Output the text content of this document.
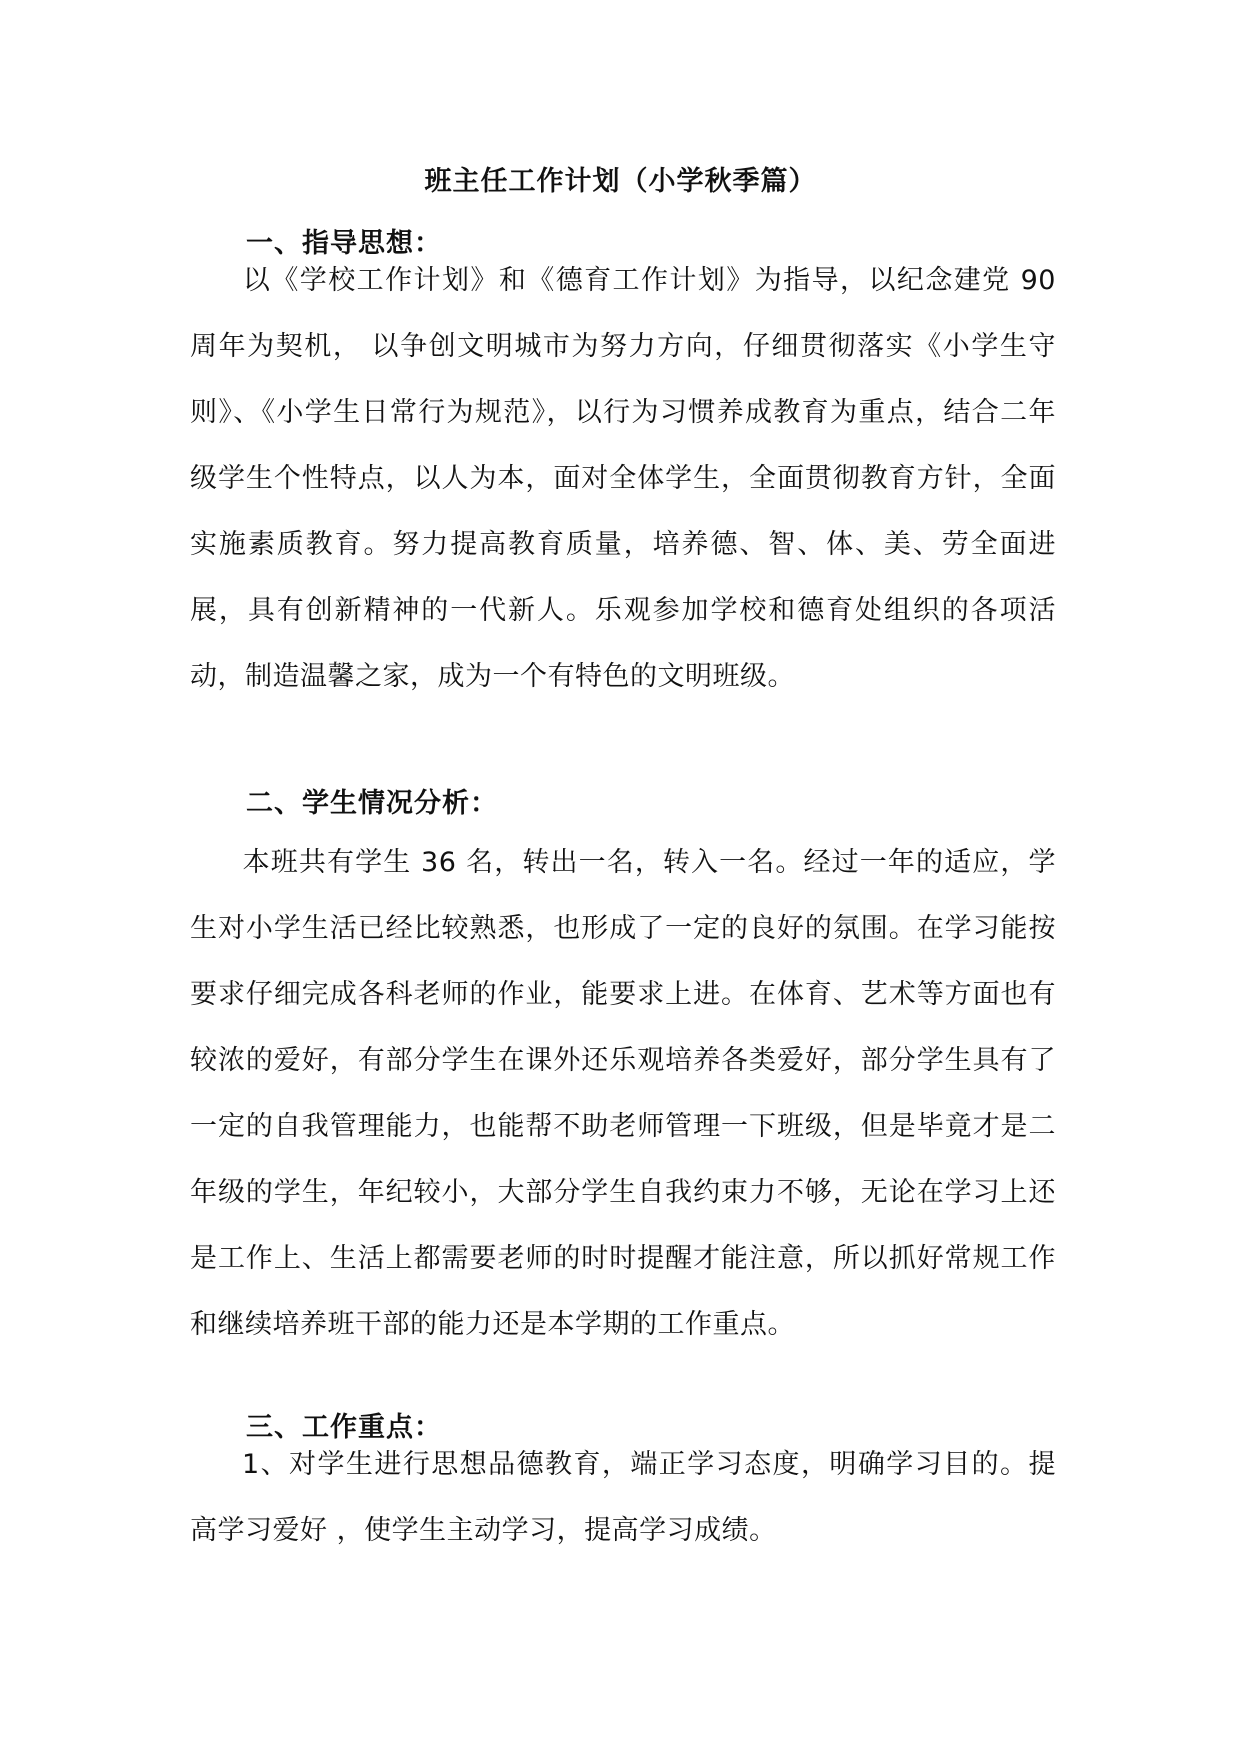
班主任工作计划（小学秋季篇）
一、指导思想：

以《学校工作计划》和《德育工作计划》为指导，以纪念建党 90 周年为契机， 以争创文明城市为努力方向，仔细贯彻落实《小学生守则》、《小学生日常行为规范》，以行为习惯养成教育为重点，结合二年级学生个性特点，以人为本，面对全体学生，全面贯彻教育方针，全面实施素质教育。努力提高教育质量，培养德、智、体、美、劳全面进展，具有创新精神的一代新人。乐观参加学校和德育处组织的各项活动，制造温馨之家，成为一个有特色的文明班级。

二、学生情况分析：

本班共有学生 36 名，转出一名，转入一名。经过一年的适应，学生对小学生活已经比较熟悉，也形成了一定的良好的氛围。在学习能按要求仔细完成各科老师的作业，能要求上进。在体育、艺术等方面也有较浓的爱好，有部分学生在课外还乐观培养各类爱好，部分学生具有了一定的自我管理能力，也能帮不助老师管理一下班级，但是毕竟才是二年级的学生，年纪较小，大部分学生自我约束力不够，无论在学习上还是工作上、生活上都需要老师的时时提醒才能注意，所以抓好常规工作和继续培养班干部的能力还是本学期的工作重点。

三、工作重点：

1、对学生进行思想品德教育，端正学习态度，明确学习目的。提高学习爱好 ，使学生主动学习，提高学习成绩。
